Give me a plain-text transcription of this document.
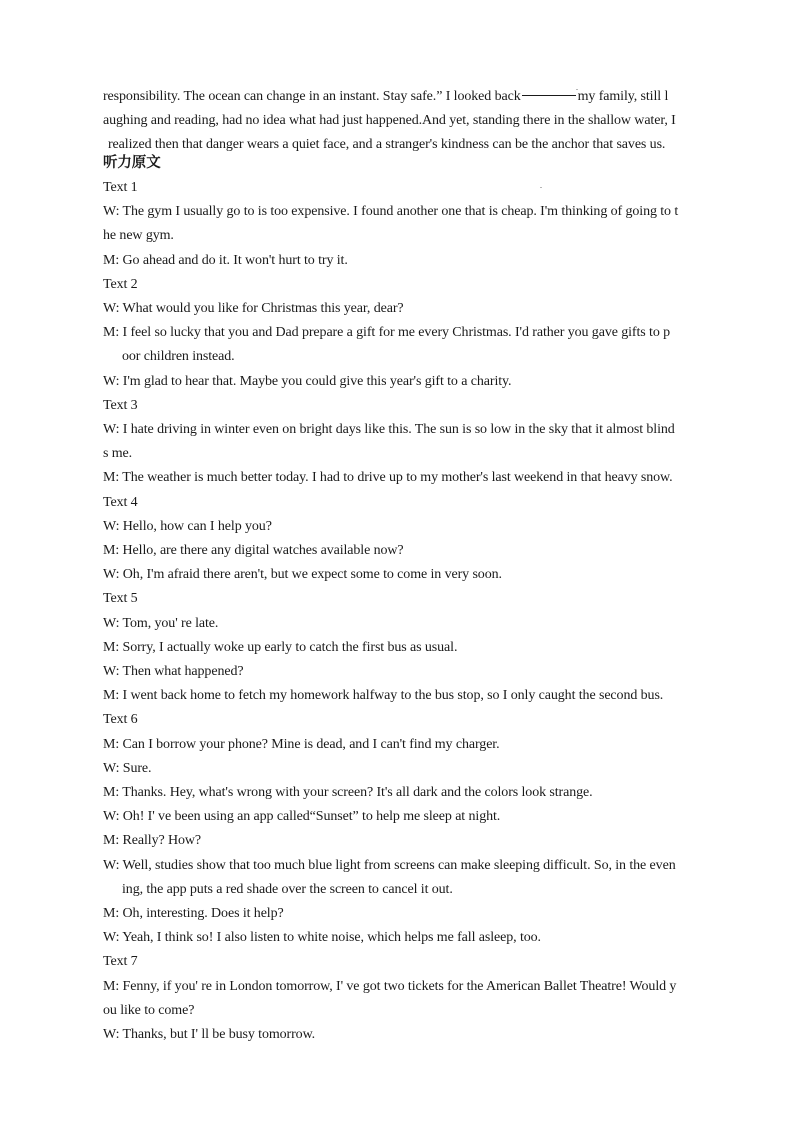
responsibility. The ocean can change in an instant. Stay safe.” I looked back	my family, still l
aughing and reading, had no idea what had just happened.And yet, standing there in the shallow water, I
realized then that danger wears a quiet face, and a stranger's kindness can be the anchor that saves us.
听力原文
Text 1
W: The gym I usually go to is too expensive. I found another one that is cheap. I'm thinking of going to t
he new gym.
M: Go ahead and do it. It won't hurt to try it.
Text 2
W: What would you like for Christmas this year, dear?
M: I feel so lucky that you and Dad prepare a gift for me every Christmas. I'd rather you gave gifts to p
oor children instead.
W: I'm glad to hear that. Maybe you could give this year's gift to a charity.
Text 3
W: I hate driving in winter even on bright days like this. The sun is so low in the sky that it almost blind
s me.
M: The weather is much better today. I had to drive up to my mother's last weekend in that heavy snow.
Text 4
W: Hello, how can I help you?
M: Hello, are there any digital watches available now?
W: Oh, I'm afraid there aren't, but we expect some to come in very soon.
Text 5
W: Tom, you' re late.
M: Sorry, I actually woke up early to catch the first bus as usual.
W: Then what happened?
M: I went back home to fetch my homework halfway to the bus stop, so I only caught the second bus.
Text 6
M: Can I borrow your phone? Mine is dead, and I can't find my charger.
W: Sure.
M: Thanks. Hey, what's wrong with your screen? It's all dark and the colors look strange.
W: Oh! I' ve been using an app called“Sunset” to help me sleep at night.
M: Really? How?
W: Well, studies show that too much blue light from screens can make sleeping difficult. So, in the even
ing, the app puts a red shade over the screen to cancel it out.
M: Oh, interesting. Does it help?
W: Yeah, I think so! I also listen to white noise, which helps me fall asleep, too.
Text 7
M: Fenny, if you' re in London tomorrow, I' ve got two tickets for the American Ballet Theatre! Would y
ou like to come?
W: Thanks, but I' ll be busy tomorrow.
